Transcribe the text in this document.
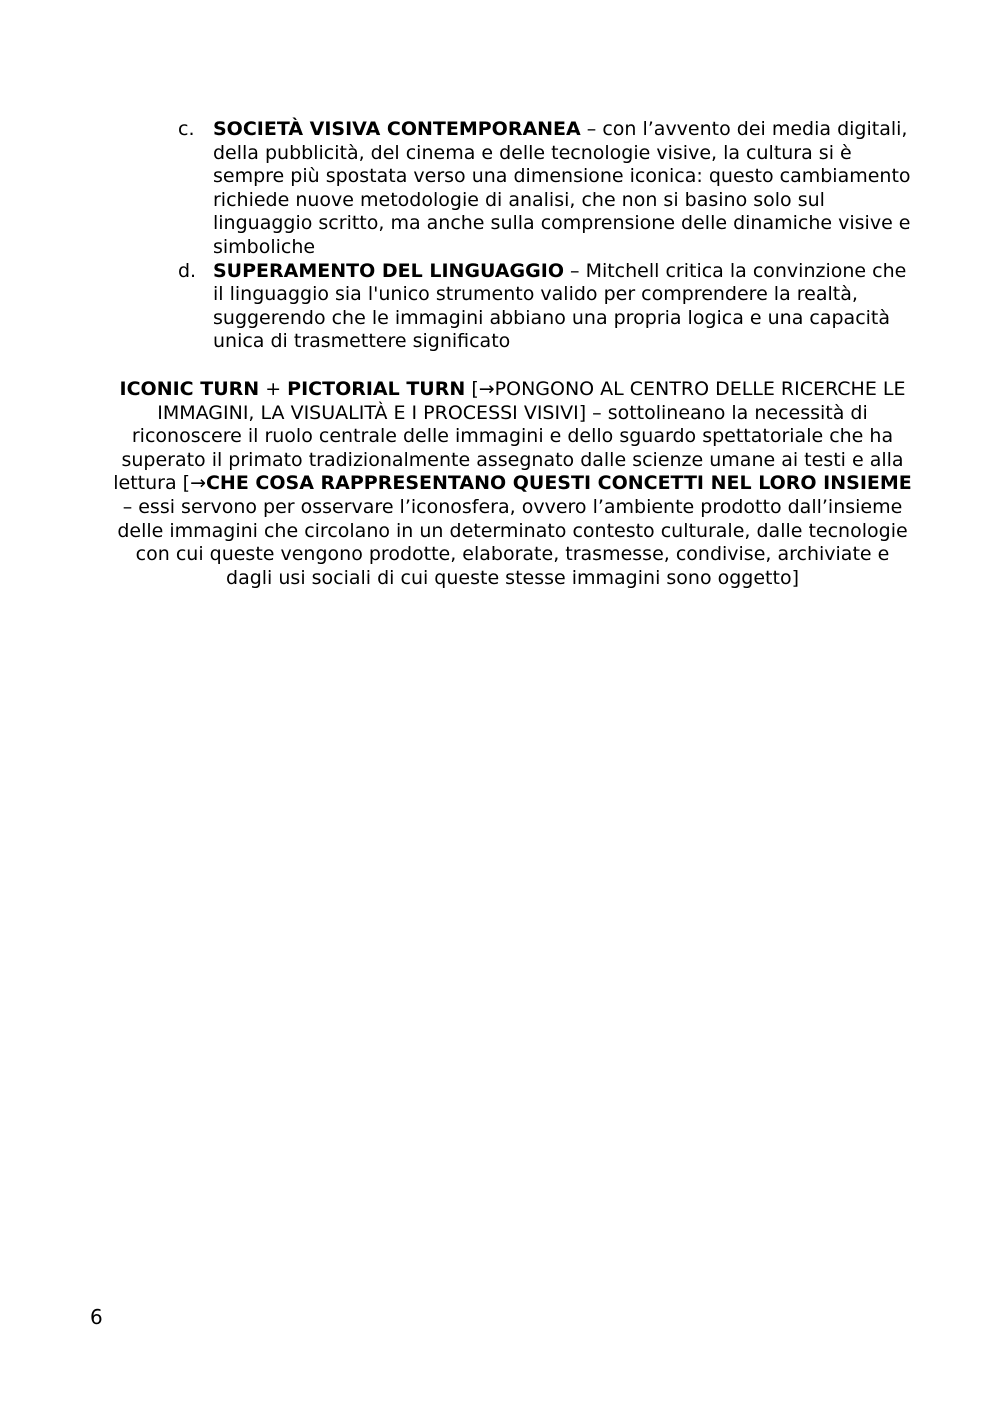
c. SOCIETÀ VISIVA CONTEMPORANEA – con l’avvento dei media digitali, della pubblicità, del cinema e delle tecnologie visive, la cultura si è sempre più spostata verso una dimensione iconica: questo cambiamento richiede nuove metodologie di analisi, che non si basino solo sul linguaggio scritto, ma anche sulla comprensione delle dinamiche visive e simboliche
d. SUPERAMENTO DEL LINGUAGGIO – Mitchell critica la convinzione che il linguaggio sia l'unico strumento valido per comprendere la realtà, suggerendo che le immagini abbiano una propria logica e una capacità unica di trasmettere significato
ICONIC TURN + PICTORIAL TURN [→PONGONO AL CENTRO DELLE RICERCHE LE IMMAGINI, LA VISUALITÀ E I PROCESSI VISIVI] – sottolineano la necessità di riconoscere il ruolo centrale delle immagini e dello sguardo spettatoriale che ha superato il primato tradizionalmente assegnato dalle scienze umane ai testi e alla lettura [→CHE COSA RAPPRESENTANO QUESTI CONCETTI NEL LORO INSIEME – essi servono per osservare l’iconosfera, ovvero l’ambiente prodotto dall’insieme delle immagini che circolano in un determinato contesto culturale, dalle tecnologie con cui queste vengono prodotte, elaborate, trasmesse, condivise, archiviate e dagli usi sociali di cui queste stesse immagini sono oggetto]
6
